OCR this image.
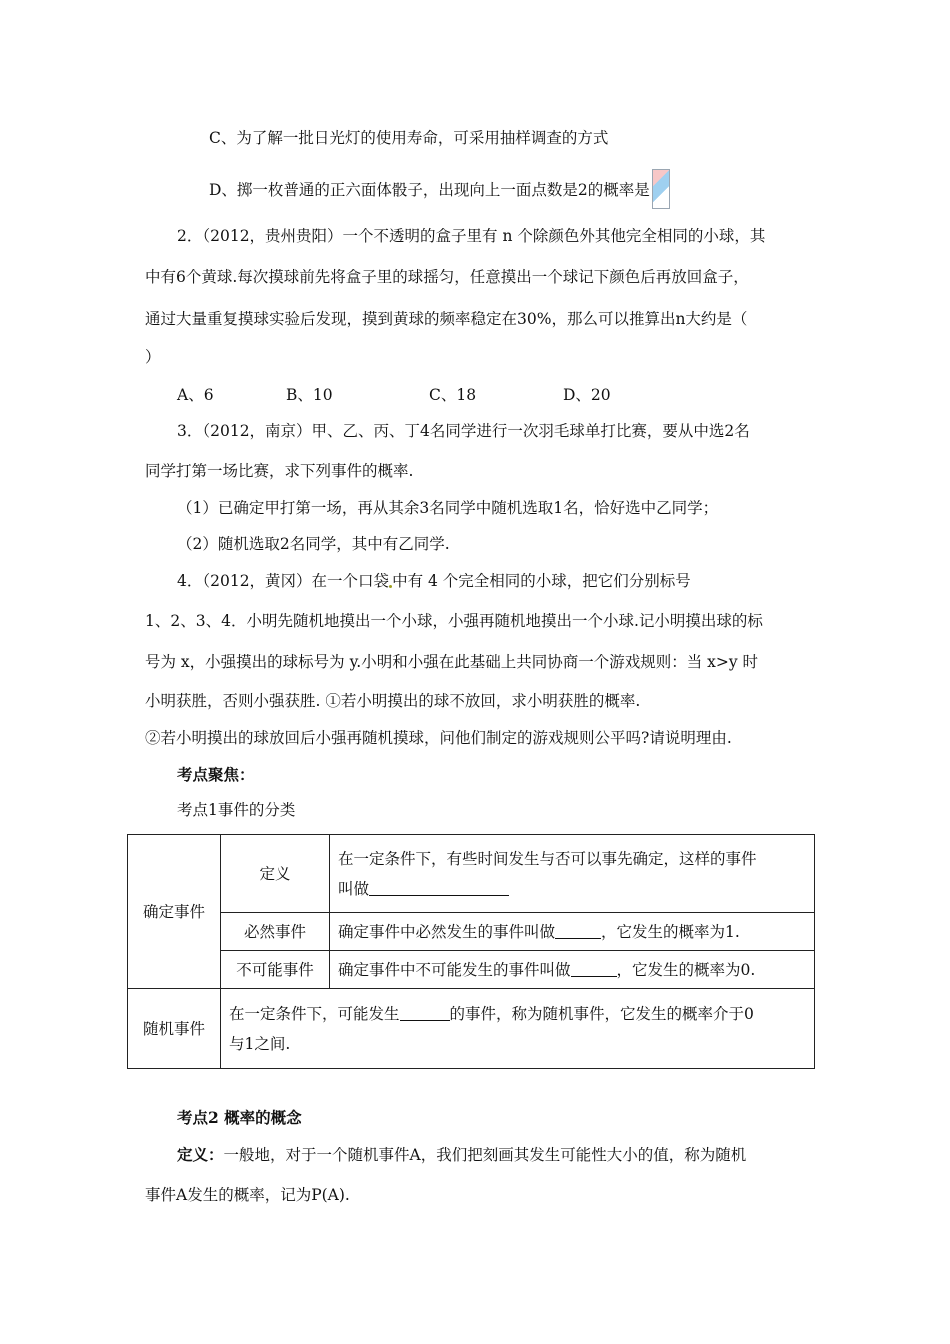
C、为了解一批日光灯的使用寿命，可采用抽样调查的方式
D、掷一枚普通的正六面体骰子，出现向上一面点数是2的概率是
2．（2012，贵州贵阳）一个不透明的盒子里有 n 个除颜色外其他完全相同的小球，其
中有6个黄球.每次摸球前先将盒子里的球摇匀，任意摸出一个球记下颜色后再放回盒子，
通过大量重复摸球实验后发现，摸到黄球的频率稳定在30%，那么可以推算出n大约是（
）
A、6	B、10	C、18	D、20
3．（2012，南京）甲、乙、丙、丁4名同学进行一次羽毛球单打比赛，要从中选2名
同学打第一场比赛，求下列事件的概率.
（1）已确定甲打第一场，再从其余3名同学中随机选取1名，恰好选中乙同学；
（2）随机选取2名同学，其中有乙同学.
4．（2012，黄冈）在一个口袋 中有 4 个完全相同的小球，把它们分别标号
1、2、3、4．小明先随机地摸出一个小球，小强再随机地摸出一个小球.记小明摸出球的标
号为 x，小强摸出的球标号为 y.小明和小强在此基础上共同协商一个游戏规则：当 x>y 时
小明获胜，否则小强获胜. ①若小明摸出的球不放回，求小明获胜的概率.
②若小明摸出的球放回后小强再随机摸球，问他们制定的游戏规则公平吗?请说明理由.
考点聚焦：
考点1事件的分类
确定事件	定义	在一定条件下，有些时间发生与否可以事先确定，这样的事件
叫做

	必然事件	确定事件中必然发生的事件叫做 ，它发生的概率为1.
	不可能事件	确定事件中不可能发生的事件叫做 ，它发生的概率为0.
随机事件	在一定条件下，可能发生 的事件，称为随机事件，它发生的概率介于0
与1之间.	
考点2 概率的概念
定义：一般地，对于一个随机事件A，我们把刻画其发生可能性大小的值，称为随机
事件A发生的概率，记为P(A).
